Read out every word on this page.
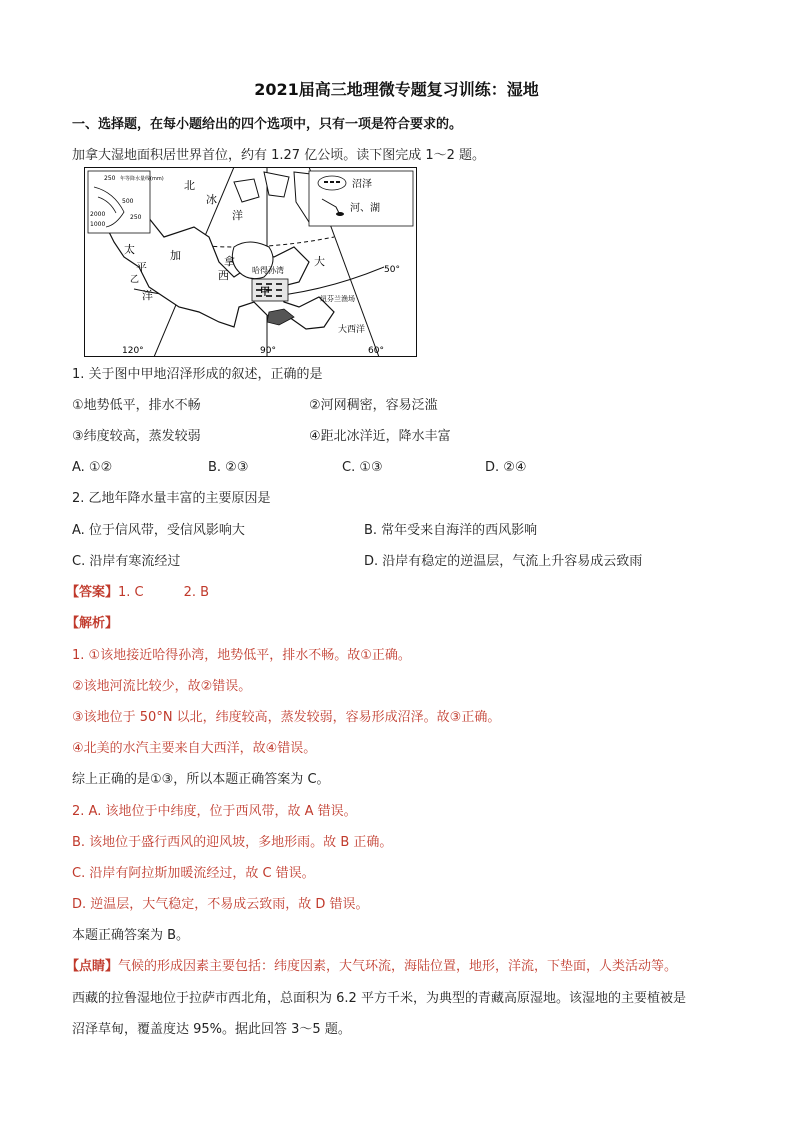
2021届高三地理微专题复习训练：湿地
一、选择题，在每小题给出的四个选项中，只有一项是符合要求的。
加拿大湿地面积居世界首位，约有 1.27 亿公顷。读下图完成 1～2 题。
250 年等降水量线(mm)
500
2000
1000
250
沼泽
河、湖
北
冰
洋
太
平
洋
加	拿	大
西	哈得孙湾
甲
乙
纽芬兰渔场
大西洋
50°
120°	90°	60°
1. 关于图中甲地沼泽形成的叙述，正确的是
①地势低平，排水不畅	②河网稠密，容易泛滥
③纬度较高，蒸发较弱	④距北冰洋近，降水丰富
A. ①②	B. ②③	C. ①③	D. ②④
2. 乙地年降水量丰富的主要原因是
A. 位于信风带，受信风影响大	B. 常年受来自海洋的西风影响
C. 沿岸有寒流经过	D. 沿岸有稳定的逆温层，气流上升容易成云致雨
【答案】1. C	2. B
【解析】
1. ①该地接近哈得孙湾，地势低平，排水不畅。故①正确。
②该地河流比较少，故②错误。
③该地位于 50°N 以北，纬度较高，蒸发较弱，容易形成沼泽。故③正确。
④北美的水汽主要来自大西洋，故④错误。
综上正确的是①③，所以本题正确答案为 C。
2. A. 该地位于中纬度，位于西风带，故 A 错误。
B. 该地位于盛行西风的迎风坡，多地形雨。故 B 正确。
C. 沿岸有阿拉斯加暖流经过，故 C 错误。
D. 逆温层，大气稳定，不易成云致雨，故 D 错误。
本题正确答案为 B。
【点睛】气候的形成因素主要包括：纬度因素，大气环流，海陆位置，地形，洋流，下垫面，人类活动等。
西藏的拉鲁湿地位于拉萨市西北角，总面积为 6.2 平方千米，为典型的青藏高原湿地。该湿地的主要植被是
沼泽草甸，覆盖度达 95%。据此回答 3～5 题。
